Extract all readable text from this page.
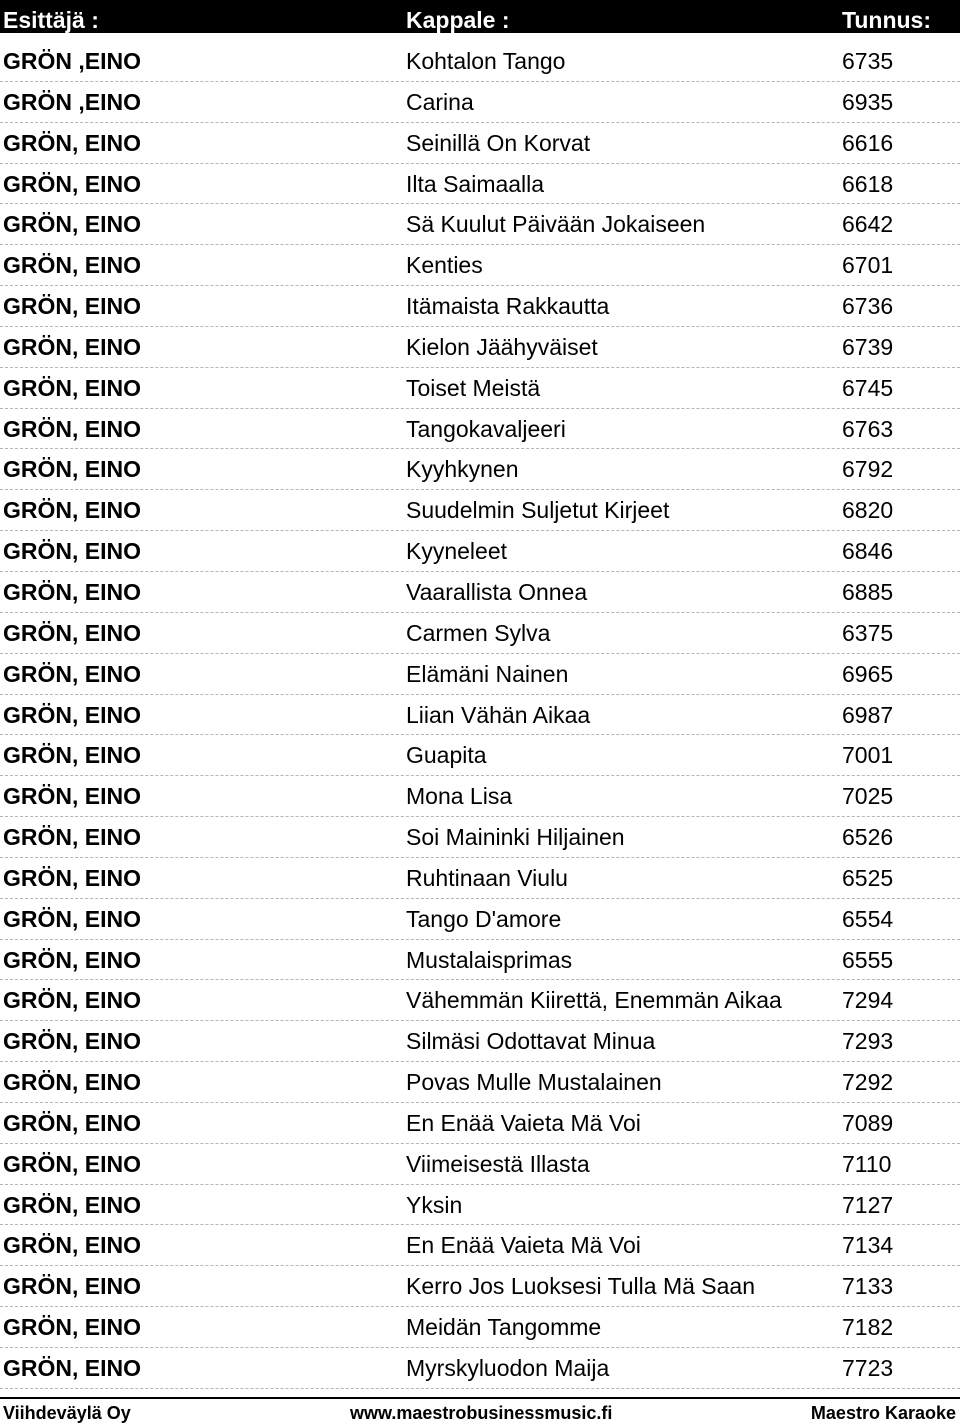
Esittäjä :	Kappale :	Tunnus:
GRÖN ,EINO	Kohtalon Tango	6735
GRÖN ,EINO	Carina	6935
GRÖN, EINO	Seinillä On Korvat	6616
GRÖN, EINO	Ilta Saimaalla	6618
GRÖN, EINO	Sä Kuulut Päivään Jokaiseen	6642
GRÖN, EINO	Kenties	6701
GRÖN, EINO	Itämaista Rakkautta	6736
GRÖN, EINO	Kielon Jäähyväiset	6739
GRÖN, EINO	Toiset Meistä	6745
GRÖN, EINO	Tangokavaljeeri	6763
GRÖN, EINO	Kyyhkynen	6792
GRÖN, EINO	Suudelmin Suljetut Kirjeet	6820
GRÖN, EINO	Kyyneleet	6846
GRÖN, EINO	Vaarallista Onnea	6885
GRÖN, EINO	Carmen Sylva	6375
GRÖN, EINO	Elämäni Nainen	6965
GRÖN, EINO	Liian Vähän Aikaa	6987
GRÖN, EINO	Guapita	7001
GRÖN, EINO	Mona Lisa	7025
GRÖN, EINO	Soi Maininki Hiljainen	6526
GRÖN, EINO	Ruhtinaan Viulu	6525
GRÖN, EINO	Tango D'amore	6554
GRÖN, EINO	Mustalaisprimas	6555
GRÖN, EINO	Vähemmän Kiirettä, Enemmän Aikaa	7294
GRÖN, EINO	Silmäsi Odottavat Minua	7293
GRÖN, EINO	Povas Mulle Mustalainen	7292
GRÖN, EINO	En Enää Vaieta Mä Voi	7089
GRÖN, EINO	Viimeisestä Illasta	7110
GRÖN, EINO	Yksin	7127
GRÖN, EINO	En Enää Vaieta Mä Voi	7134
GRÖN, EINO	Kerro Jos Luoksesi Tulla Mä Saan	7133
GRÖN, EINO	Meidän Tangomme	7182
GRÖN, EINO	Myrskyluodon Maija	7723
Viihdeväylä Oy	www.maestrobusinessmusic.fi	Maestro Karaoke
